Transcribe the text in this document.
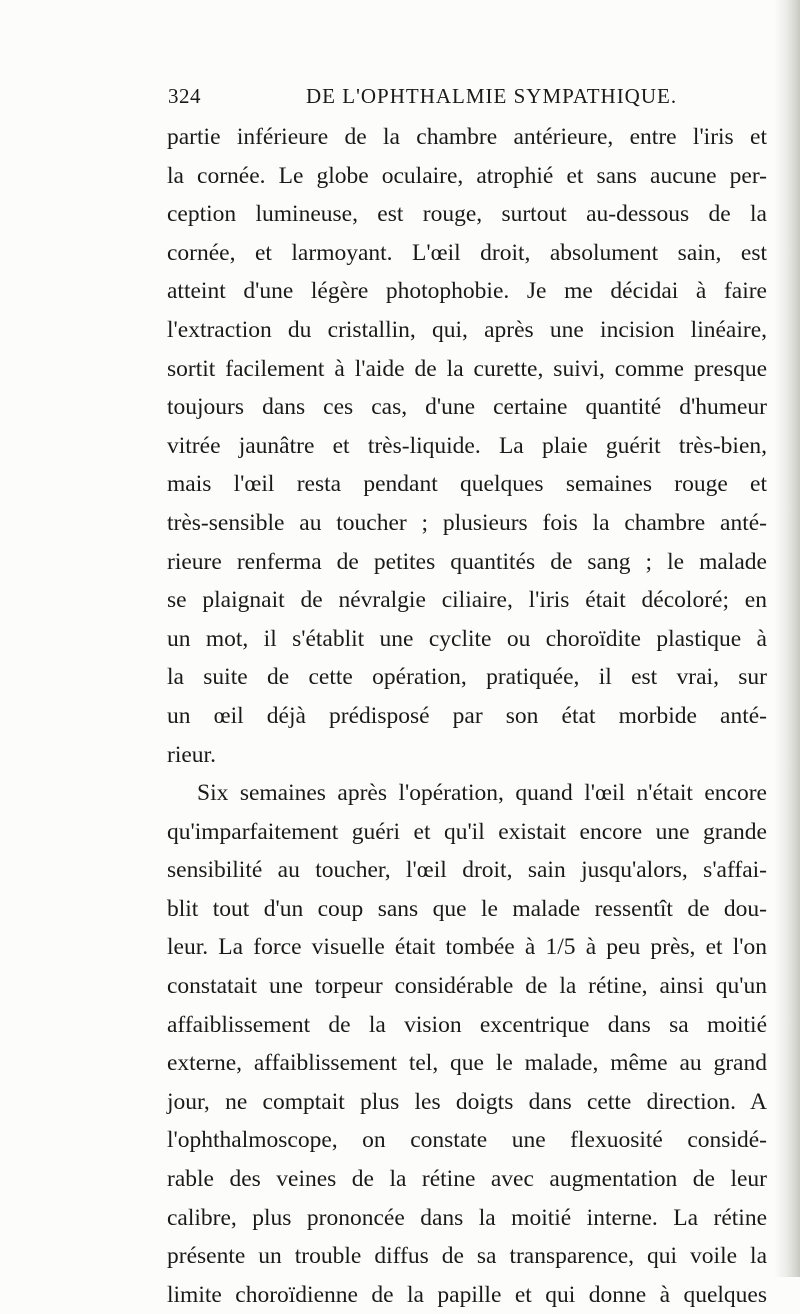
324	DE L'OPHTHALMIE SYMPATHIQUE.
partie inférieure de la chambre antérieure, entre l'iris et
la cornée. Le globe oculaire, atrophié et sans aucune per-
ception lumineuse, est rouge, surtout au-dessous de la
cornée, et larmoyant. L'œil droit, absolument sain, est
atteint d'une légère photophobie. Je me décidai à faire
l'extraction du cristallin, qui, après une incision linéaire,
sortit facilement à l'aide de la curette, suivi, comme presque
toujours dans ces cas, d'une certaine quantité d'humeur
vitrée jaunâtre et très-liquide. La plaie guérit très-bien,
mais l'œil resta pendant quelques semaines rouge et
très-sensible au toucher ; plusieurs fois la chambre anté-
rieure renferma de petites quantités de sang ; le malade
se plaignait de névralgie ciliaire, l'iris était décoloré; en
un mot, il s'établit une cyclite ou choroïdite plastique à
la suite de cette opération, pratiquée, il est vrai, sur
un œil déjà prédisposé par son état morbide anté-
rieur.
Six semaines après l'opération, quand l'œil n'était encore
qu'imparfaitement guéri et qu'il existait encore une grande
sensibilité au toucher, l'œil droit, sain jusqu'alors, s'affai-
blit tout d'un coup sans que le malade ressentît de dou-
leur. La force visuelle était tombée à 1/5 à peu près, et l'on
constatait une torpeur considérable de la rétine, ainsi qu'un
affaiblissement de la vision excentrique dans sa moitié
externe, affaiblissement tel, que le malade, même au grand
jour, ne comptait plus les doigts dans cette direction. A
l'ophthalmoscope, on constate une flexuosité considé-
rable des veines de la rétine avec augmentation de leur
calibre, plus prononcée dans la moitié interne. La rétine
présente un trouble diffus de sa transparence, qui voile la
limite choroïdienne de la papille et qui donne à quelques
